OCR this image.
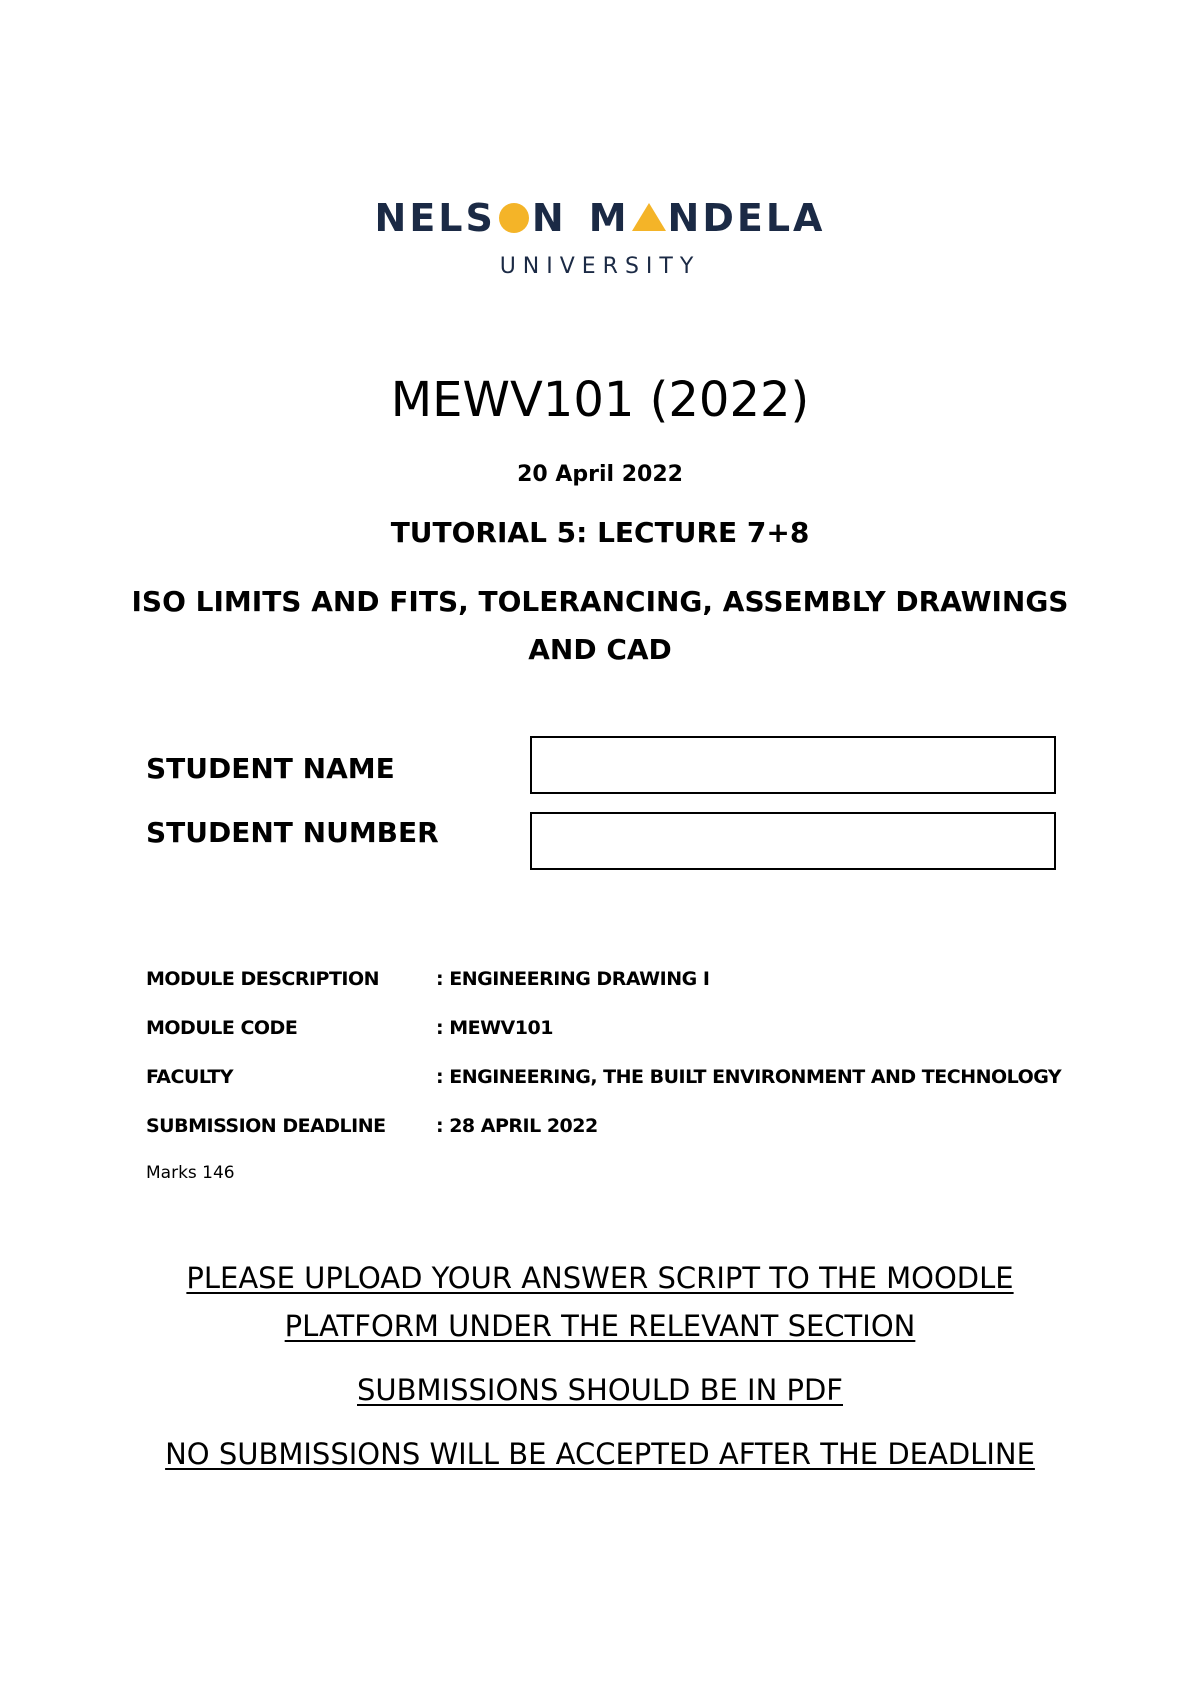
NELS N M NDELA
UNIVERSITY
MEWV101 (2022)
20 April 2022
TUTORIAL 5: LECTURE 7+8
ISO LIMITS AND FITS, TOLERANCING, ASSEMBLY DRAWINGS
AND CAD
STUDENT NAME
STUDENT NUMBER
MODULE DESCRIPTION	: ENGINEERING DRAWING I
MODULE CODE	: MEWV101
FACULTY	: ENGINEERING, THE BUILT ENVIRONMENT AND TECHNOLOGY
SUBMISSION DEADLINE	: 28 APRIL 2022
Marks 146
PLEASE UPLOAD YOUR ANSWER SCRIPT TO THE MOODLE
PLATFORM UNDER THE RELEVANT SECTION
SUBMISSIONS SHOULD BE IN PDF
NO SUBMISSIONS WILL BE ACCEPTED AFTER THE DEADLINE
